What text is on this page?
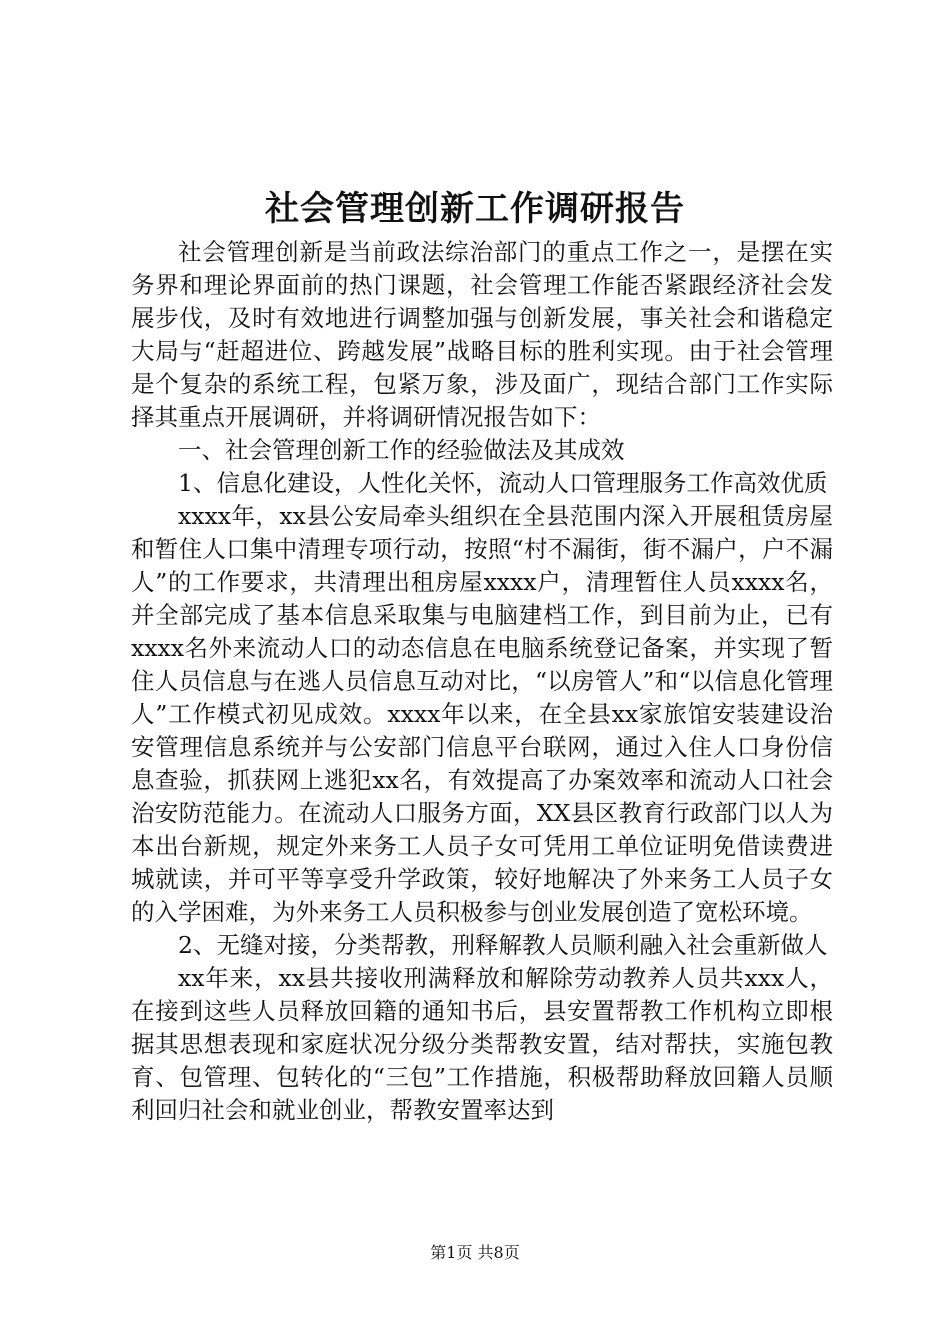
社会管理创新工作调研报告

社会管理创新是当前政法综治部门的重点工作之一，是摆在实务界和理论界面前的热门课题，社会管理工作能否紧跟经济社会发展步伐，及时有效地进行调整加强与创新发展，事关社会和谐稳定大局与“赶超进位、跨越发展”战略目标的胜利实现。由于社会管理是个复杂的系统工程，包紧万象，涉及面广，现结合部门工作实际择其重点开展调研，并将调研情况报告如下：

一、社会管理创新工作的经验做法及其成效

1、信息化建设，人性化关怀，流动人口管理服务工作高效优质

xxxx年，xx县公安局牵头组织在全县范围内深入开展租赁房屋和暂住人口集中清理专项行动，按照“村不漏街，街不漏户，户不漏人”的工作要求，共清理出租房屋xxxx户，清理暂住人员xxxx名，并全部完成了基本信息采取集与电脑建档工作，到目前为止，已有xxxx名外来流动人口的动态信息在电脑系统登记备案，并实现了暂住人员信息与在逃人员信息互动对比，“以房管人”和“以信息化管理人”工作模式初见成效。xxxx年以来，在全县xx家旅馆安装建设治安管理信息系统并与公安部门信息平台联网，通过入住人口身份信息查验，抓获网上逃犯xx名，有效提高了办案效率和流动人口社会治安防范能力。在流动人口服务方面，XX县区教育行政部门以人为本出台新规，规定外来务工人员子女可凭用工单位证明免借读费进城就读，并可平等享受升学政策，较好地解决了外来务工人员子女的入学困难，为外来务工人员积极参与创业发展创造了宽松环境。

2、无缝对接，分类帮教，刑释解教人员顺利融入社会重新做人

xx年来，xx县共接收刑满释放和解除劳动教养人员共xxx人，在接到这些人员释放回籍的通知书后，县安置帮教工作机构立即根据其思想表现和家庭状况分级分类帮教安置，结对帮扶，实施包教育、包管理、包转化的“三包”工作措施，积极帮助释放回籍人员顺利回归社会和就业创业，帮教安置率达到

第1页 共8页
